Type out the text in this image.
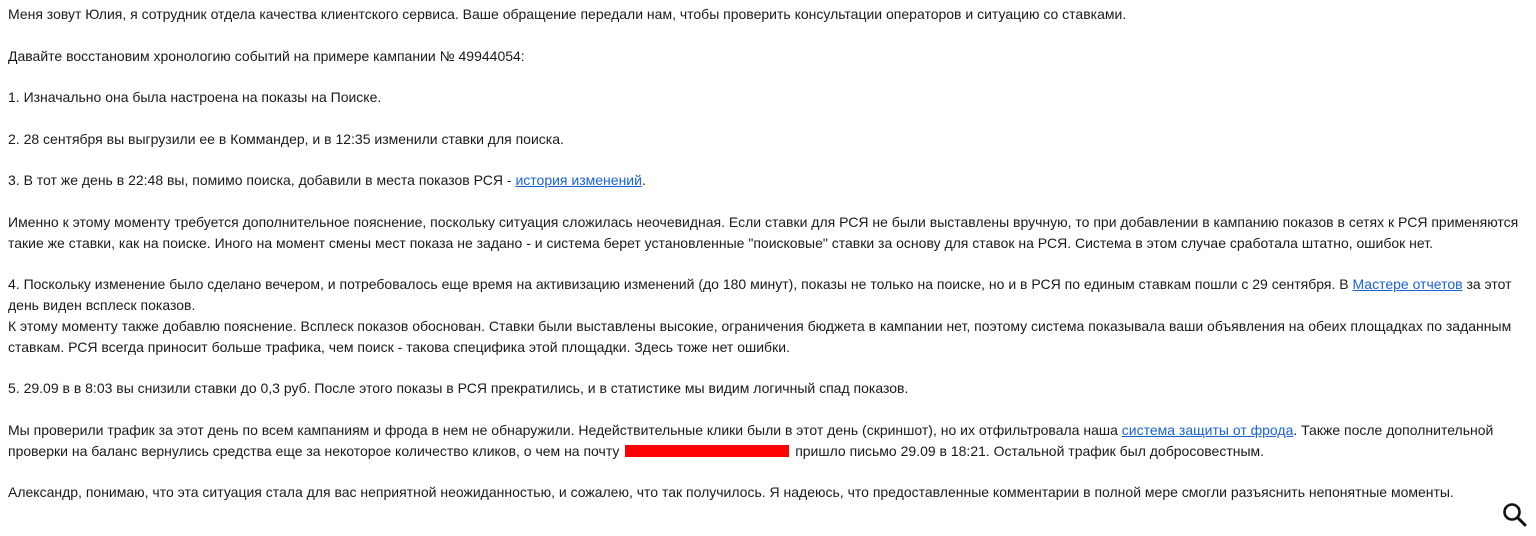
Меня зовут Юлия, я сотрудник отдела качества клиентского сервиса. Ваше обращение передали нам, чтобы проверить консультации операторов и ситуацию со ставками.

Давайте восстановим хронологию событий на примере кампании № 49944054:

1. Изначально она была настроена на показы на Поиске.

2. 28 сентября вы выгрузили ее в Коммандер, и в 12:35 изменили ставки для поиска.

3. В тот же день в 22:48 вы, помимо поиска, добавили в места показов РСЯ - история изменений.

Именно к этому моменту требуется дополнительное пояснение, поскольку ситуация сложилась неочевидная. Если ставки для РСЯ не были выставлены вручную, то при добавлении в кампанию показов в сетях к РСЯ применяются такие же ставки, как на поиске. Иного на момент смены мест показа не задано - и система берет установленные "поисковые" ставки за основу для ставок на РСЯ. Система в этом случае сработала штатно, ошибок нет.

4. Поскольку изменение было сделано вечером, и потребовалось еще время на активизацию изменений (до 180 минут), показы не только на поиске, но и в РСЯ по единым ставкам пошли с 29 сентября. В Мастере отчетов за этот день виден всплеск показов.

К этому моменту также добавлю пояснение. Всплеск показов обоснован. Ставки были выставлены высокие, ограничения бюджета в кампании нет, поэтому система показывала ваши объявления на обеих площадках по заданным ставкам. РСЯ всегда приносит больше трафика, чем поиск - такова специфика этой площадки. Здесь тоже нет ошибки.

5. 29.09 в в 8:03 вы снизили ставки до 0,3 руб. После этого показы в РСЯ прекратились, и в статистике мы видим логичный спад показов.

Мы проверили трафик за этот день по всем кампаниям и фрода в нем не обнаружили. Недействительные клики были в этот день (скриншот), но их отфильтровала наша система защиты от фрода. Также после дополнительной проверки на баланс вернулись средства еще за некоторое количество кликов, о чем на почту	пришло письмо 29.09 в 18:21. Остальной трафик был добросовестным.

Александр, понимаю, что эта ситуация стала для вас неприятной неожиданностью, и сожалею, что так получилось. Я надеюсь, что предоставленные комментарии в полной мере смогли разъяснить непонятные моменты.
